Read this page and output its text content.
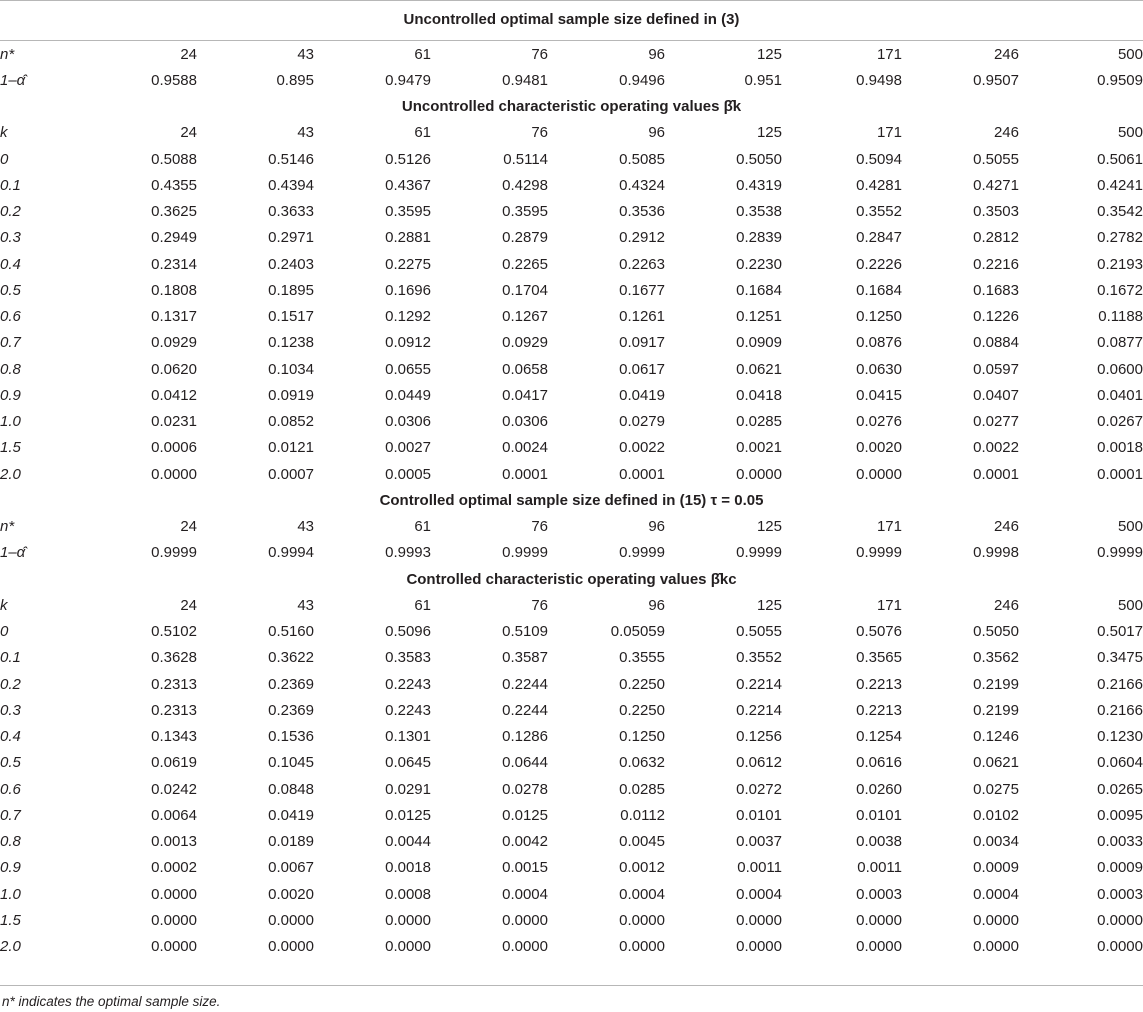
Uncontrolled optimal sample size defined in (3)
n*	24	43	61	76	96	125	171	246	500
1–α̂	0.9588	0.895	0.9479	0.9481	0.9496	0.951	0.9498	0.9507	0.9509
Uncontrolled characteristic operating values β̂k									
k	24	43	61	76	96	125	171	246	500
0	0.5088	0.5146	0.5126	0.5114	0.5085	0.5050	0.5094	0.5055	0.5061
0.1	0.4355	0.4394	0.4367	0.4298	0.4324	0.4319	0.4281	0.4271	0.4241
0.2	0.3625	0.3633	0.3595	0.3595	0.3536	0.3538	0.3552	0.3503	0.3542
0.3	0.2949	0.2971	0.2881	0.2879	0.2912	0.2839	0.2847	0.2812	0.2782
0.4	0.2314	0.2403	0.2275	0.2265	0.2263	0.2230	0.2226	0.2216	0.2193
0.5	0.1808	0.1895	0.1696	0.1704	0.1677	0.1684	0.1684	0.1683	0.1672
0.6	0.1317	0.1517	0.1292	0.1267	0.1261	0.1251	0.1250	0.1226	0.1188
0.7	0.0929	0.1238	0.0912	0.0929	0.0917	0.0909	0.0876	0.0884	0.0877
0.8	0.0620	0.1034	0.0655	0.0658	0.0617	0.0621	0.0630	0.0597	0.0600
0.9	0.0412	0.0919	0.0449	0.0417	0.0419	0.0418	0.0415	0.0407	0.0401
1.0	0.0231	0.0852	0.0306	0.0306	0.0279	0.0285	0.0276	0.0277	0.0267
1.5	0.0006	0.0121	0.0027	0.0024	0.0022	0.0021	0.0020	0.0022	0.0018
2.0	0.0000	0.0007	0.0005	0.0001	0.0001	0.0000	0.0000	0.0001	0.0001
Controlled optimal sample size defined in (15) τ = 0.05									
n*	24	43	61	76	96	125	171	246	500
1–α̂	0.9999	0.9994	0.9993	0.9999	0.9999	0.9999	0.9999	0.9998	0.9999
Controlled characteristic operating values β̂kc									
k	24	43	61	76	96	125	171	246	500
0	0.5102	0.5160	0.5096	0.5109	0.05059	0.5055	0.5076	0.5050	0.5017
0.1	0.3628	0.3622	0.3583	0.3587	0.3555	0.3552	0.3565	0.3562	0.3475
0.2	0.2313	0.2369	0.2243	0.2244	0.2250	0.2214	0.2213	0.2199	0.2166
0.3	0.2313	0.2369	0.2243	0.2244	0.2250	0.2214	0.2213	0.2199	0.2166
0.4	0.1343	0.1536	0.1301	0.1286	0.1250	0.1256	0.1254	0.1246	0.1230
0.5	0.0619	0.1045	0.0645	0.0644	0.0632	0.0612	0.0616	0.0621	0.0604
0.6	0.0242	0.0848	0.0291	0.0278	0.0285	0.0272	0.0260	0.0275	0.0265
0.7	0.0064	0.0419	0.0125	0.0125	0.0112	0.0101	0.0101	0.0102	0.0095
0.8	0.0013	0.0189	0.0044	0.0042	0.0045	0.0037	0.0038	0.0034	0.0033
0.9	0.0002	0.0067	0.0018	0.0015	0.0012	0.0011	0.0011	0.0009	0.0009
1.0	0.0000	0.0020	0.0008	0.0004	0.0004	0.0004	0.0003	0.0004	0.0003
1.5	0.0000	0.0000	0.0000	0.0000	0.0000	0.0000	0.0000	0.0000	0.0000
2.0	0.0000	0.0000	0.0000	0.0000	0.0000	0.0000	0.0000	0.0000	0.0000
n* indicates the optimal sample size.
